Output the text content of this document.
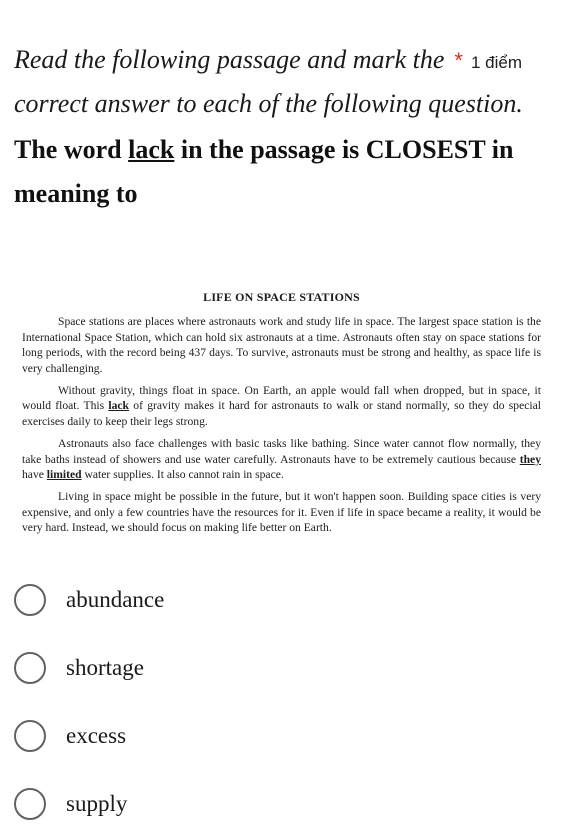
Read the following passage and mark the * 1 điểm
correct answer to each of the following question.
The word lack in the passage is CLOSEST in meaning to
LIFE ON SPACE STATIONS

Space stations are places where astronauts work and study life in space. The largest space station is the International Space Station, which can hold six astronauts at a time. Astronauts often stay on space stations for long periods, with the record being 437 days. To survive, astronauts must be strong and healthy, as space life is very challenging.

Without gravity, things float in space. On Earth, an apple would fall when dropped, but in space, it would float. This lack of gravity makes it hard for astronauts to walk or stand normally, so they do special exercises daily to keep their legs strong.

Astronauts also face challenges with basic tasks like bathing. Since water cannot flow normally, they take baths instead of showers and use water carefully. Astronauts have to be extremely cautious because they have limited water supplies. It also cannot rain in space.

Living in space might be possible in the future, but it won't happen soon. Building space cities is very expensive, and only a few countries have the resources for it. Even if life in space became a reality, it would be very hard. Instead, we should focus on making life better on Earth.

abundance
shortage
excess
supply
